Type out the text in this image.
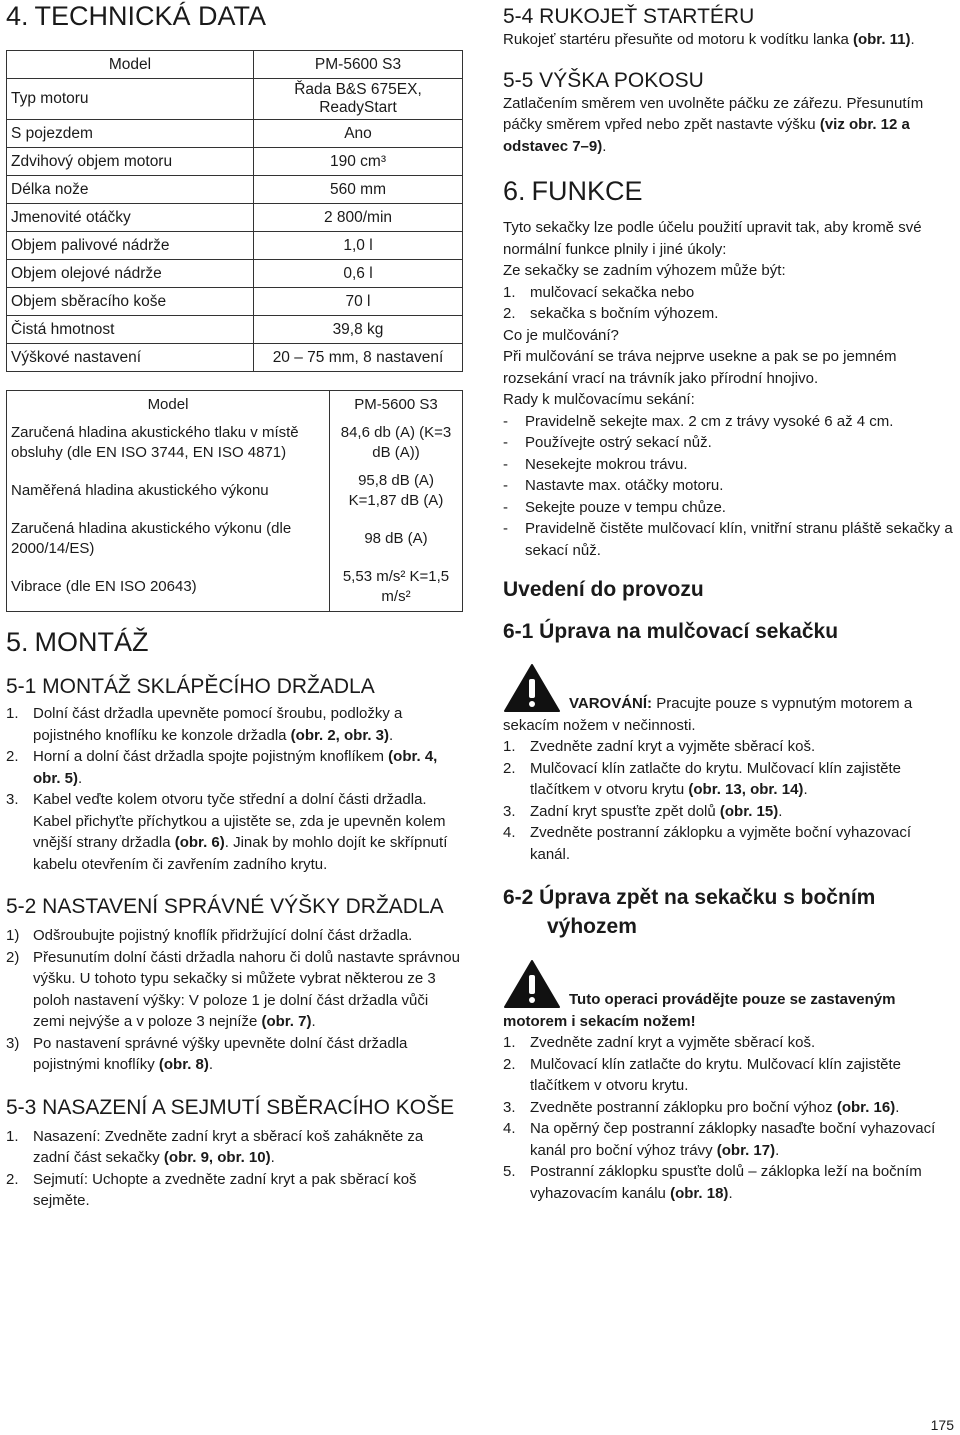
4. TECHNICKÁ DATA
Model	PM-5600 S3
Typ motoru	Řada B&S 675EX, ReadyStart
S pojezdem	Ano
Zdvihový objem motoru	190 cm³
Délka nože	560 mm
Jmenovité otáčky	2 800/min
Objem palivové nádrže	1,0 l
Objem olejové nádrže	0,6 l
Objem sběracího koše	70 l
Čistá hmotnost	39,8 kg
Výškové nastavení	20 – 75 mm, 8 nastavení
Model	PM-5600 S3
Zaručená hladina akustického tlaku v místě obsluhy (dle EN ISO 3744, EN ISO 4871)	84,6 db (A) (K=3 dB (A))
Naměřená hladina akustického výkonu	95,8 dB (A) K=1,87 dB (A)
Zaručená hladina akustického výkonu (dle 2000/14/ES)	98 dB (A)
Vibrace (dle EN ISO 20643)	5,53 m/s² K=1,5 m/s²
5. MONTÁŽ
5-1 MONTÁŽ SKLÁPĚCÍHO DRŽADLA
1. Dolní část držadla upevněte pomocí šroubu, podložky a pojistného knoflíku ke konzole držadla (obr. 2, obr. 3).
2. Horní a dolní část držadla spojte pojistným knoflíkem (obr. 4, obr. 5).
3. Kabel veďte kolem otvoru tyče střední a dolní části držadla. Kabel přichyťte příchytkou a ujistěte se, zda je upevněn kolem vnější strany držadla (obr. 6). Jinak by mohlo dojít ke skřípnutí kabelu otevřením či zavřením zadního krytu.
5-2 NASTAVENÍ SPRÁVNÉ VÝŠKY DRŽADLA
1) Odšroubujte pojistný knoflík přidržující dolní část držadla.
2) Přesunutím dolní části držadla nahoru či dolů nastavte správnou výšku. U tohoto typu sekačky si můžete vybrat některou ze 3 poloh nastavení výšky: V poloze 1 je dolní část držadla vůči zemi nejvýše a v poloze 3 nejníže (obr. 7).
3) Po nastavení správné výšky upevněte dolní část držadla pojistnými knoflíky (obr. 8).
5-3 NASAZENÍ A SEJMUTÍ SBĚRACÍHO KOŠE
1. Nasazení: Zvedněte zadní kryt a sběrací koš zahákněte za zadní část sekačky (obr. 9, obr. 10).
2. Sejmutí: Uchopte a zvedněte zadní kryt a pak sběrací koš sejměte.
5-4 RUKOJEŤ STARTÉRU

Rukojeť startéru přesuňte od motoru k vodítku lanka (obr. 11).

5-5 VÝŠKA POKOSU

Zatlačením směrem ven uvolněte páčku ze zářezu. Přesunutím páčky směrem vpřed nebo zpět nastavte výšku (viz obr. 12 a odstavec 7–9).

6. FUNKCE

Tyto sekačky lze podle účelu použití upravit tak, aby kromě své normální funkce plnily i jiné úkoly:

Ze sekačky se zadním výhozem může být:

1. mulčovací sekačka nebo
2. sekačka s bočním výhozem.

Co je mulčování?

Při mulčování se tráva nejprve usekne a pak se po jemném rozsekání vrací na trávník jako přírodní hnojivo.

Rady k mulčovacímu sekání:

- Pravidelně sekejte max. 2 cm z trávy vysoké 6 až 4 cm.
- Používejte ostrý sekací nůž.
- Nesekejte mokrou trávu.
- Nastavte max. otáčky motoru.
- Sekejte pouze v tempu chůze.
- Pravidelně čistěte mulčovací klín, vnitřní stranu pláště sekačky a sekací nůž.
Uvedení do provozu
6-1 Úprava na mulčovací sekačku

VAROVÁNÍ: Pracujte pouze s vypnutým motorem a sekacím nožem v nečinnosti.

1. Zvedněte zadní kryt a vyjměte sběrací koš.
2. Mulčovací klín zatlačte do krytu. Mulčovací klín zajistěte tlačítkem v otvoru krytu (obr. 13, obr. 14).
3. Zadní kryt spusťte zpět dolů (obr. 15).
4. Zvedněte postranní záklopku a vyjměte boční vyhazovací kanál.
6-2 Úprava zpět na sekačku s bočním výhozem

Tuto operaci provádějte pouze se zastaveným motorem i sekacím nožem!

1. Zvedněte zadní kryt a vyjměte sběrací koš.
2. Mulčovací klín zatlačte do krytu. Mulčovací klín zajistěte tlačítkem v otvoru krytu.
3. Zvedněte postranní záklopku pro boční výhoz (obr. 16).
4. Na opěrný čep postranní záklopky nasaďte boční vyhazovací kanál pro boční výhoz trávy (obr. 17).
5. Postranní záklopku spusťte dolů – záklopka leží na bočním vyhazovacím kanálu (obr. 18).
175
